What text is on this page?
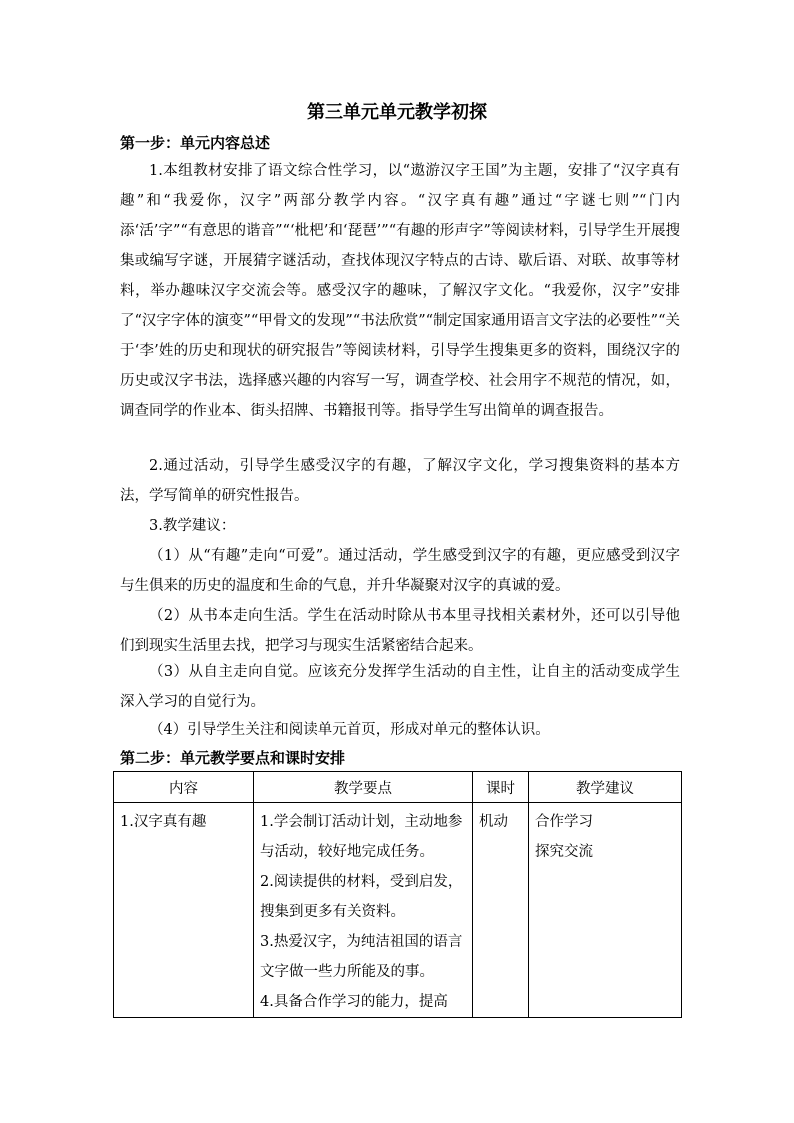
第三单元单元教学初探
第一步：单元内容总述
1.本组教材安排了语文综合性学习，以“遨游汉字王国”为主题，安排了“汉字真有趣”和“我爱你，汉字”两部分教学内容。“汉字真有趣”通过“字谜七则”“门内添‘活’字”“有意思的谐音”“‘枇杷’和‘琵琶’”“有趣的形声字”等阅读材料，引导学生开展搜集或编写字谜，开展猜字谜活动，查找体现汉字特点的古诗、歇后语、对联、故事等材料，举办趣味汉字交流会等。感受汉字的趣味，了解汉字文化。“我爱你，汉字”安排了“汉字字体的演变”“甲骨文的发现”“书法欣赏”“制定国家通用语言文字法的必要性”“关于‘李’姓的历史和现状的研究报告”等阅读材料，引导学生搜集更多的资料，围绕汉字的历史或汉字书法，选择感兴趣的内容写一写，调查学校、社会用字不规范的情况，如，调查同学的作业本、街头招牌、书籍报刊等。指导学生写出简单的调查报告。
2.通过活动，引导学生感受汉字的有趣，了解汉字文化，学习搜集资料的基本方法，学写简单的研究性报告。
3.教学建议：
（1）从“有趣”走向“可爱”。通过活动，学生感受到汉字的有趣，更应感受到汉字与生俱来的历史的温度和生命的气息，并升华凝聚对汉字的真诚的爱。
（2）从书本走向生活。学生在活动时除从书本里寻找相关素材外，还可以引导他们到现实生活里去找，把学习与现实生活紧密结合起来。
（3）从自主走向自觉。应该充分发挥学生活动的自主性，让自主的活动变成学生深入学习的自觉行为。
（4）引导学生关注和阅读单元首页，形成对单元的整体认识。
第二步：单元教学要点和课时安排
内容	教学要点	课时	教学建议
1.汉字真有趣	1.学会制订活动计划，主动地参与活动，较好地完成任务。
2.阅读提供的材料，受到启发，搜集到更多有关资料。
3.热爱汉字，为纯洁祖国的语言文字做一些力所能及的事。
4.具备合作学习的能力，提高	机动	合作学习
探究交流
